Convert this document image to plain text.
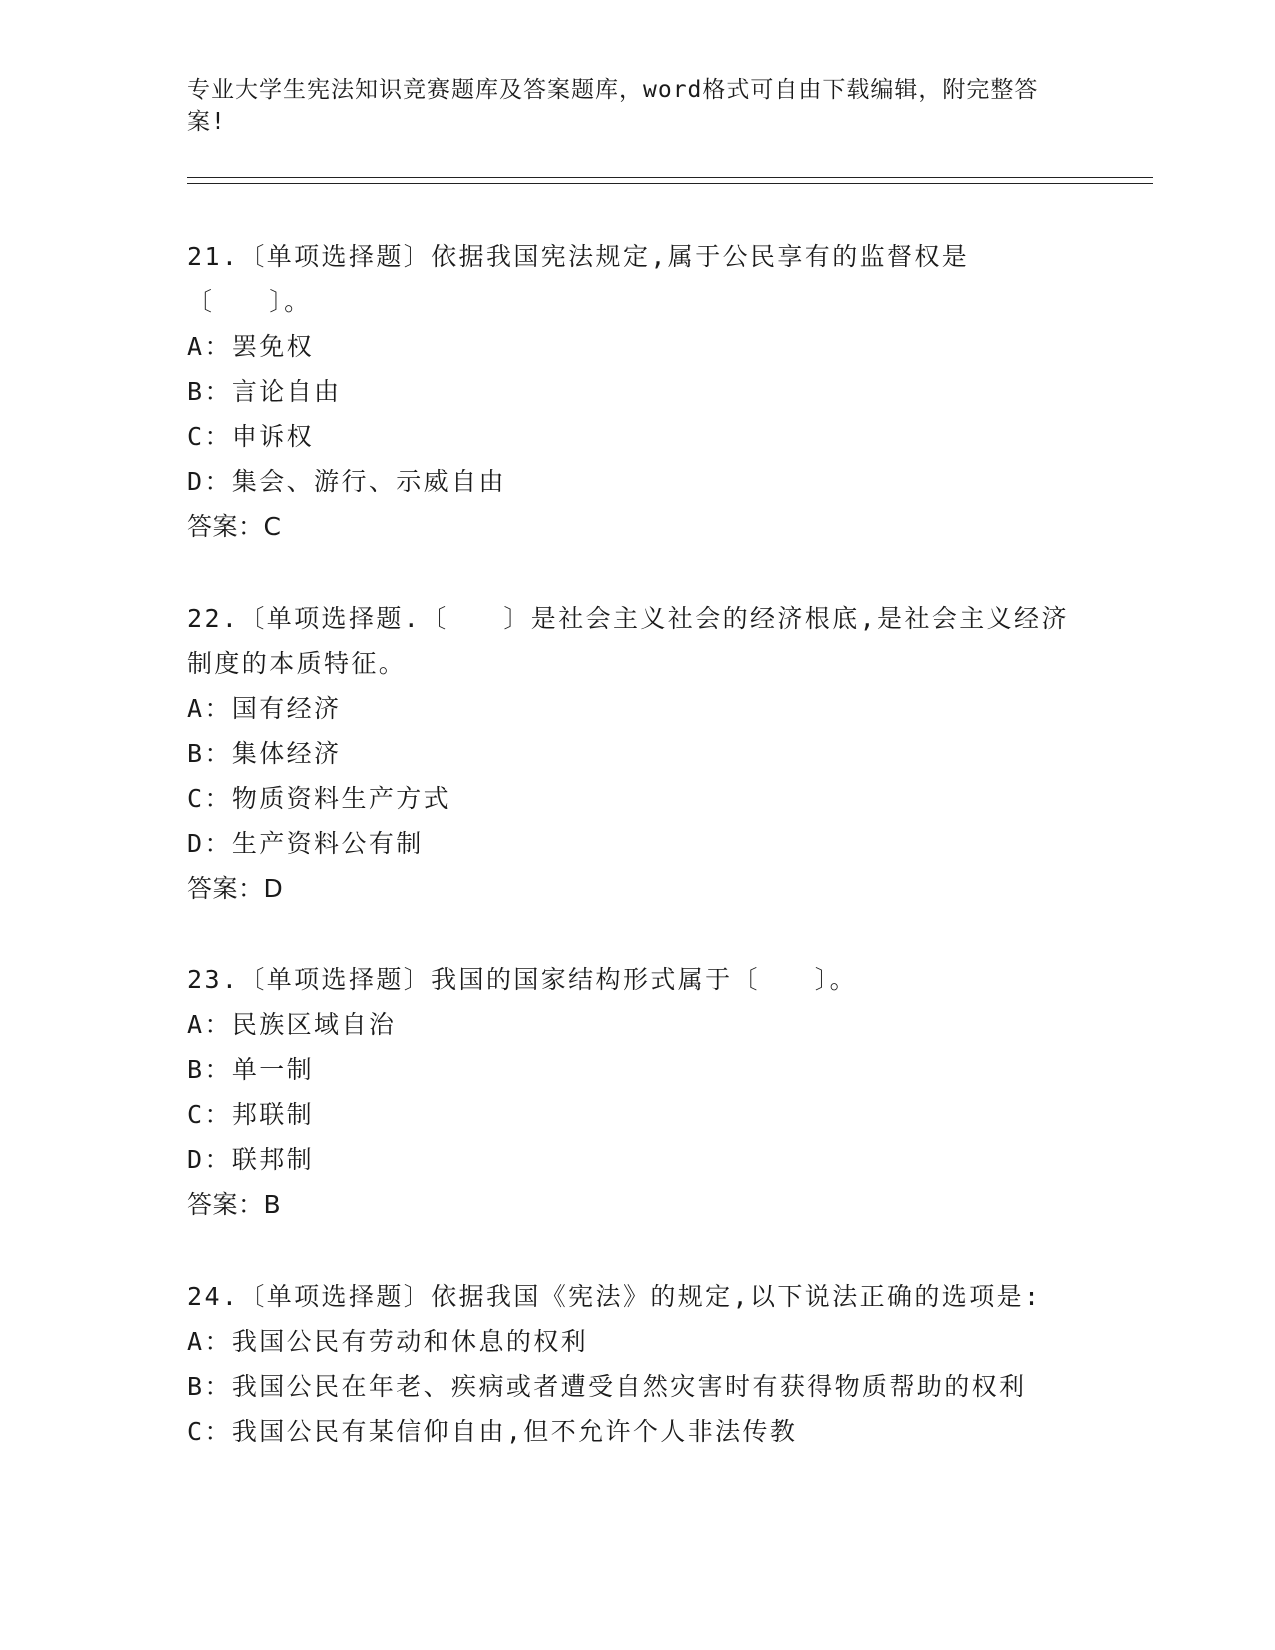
专业大学生宪法知识竞赛题库及答案题库，word格式可自由下载编辑，附完整答案!

21.〔单项选择题〕依据我国宪法规定,属于公民享有的监督权是〔　　〕。

A：罢免权

B：言论自由

C：申诉权

D：集会、游行、示威自由

答案：C

22.〔单项选择题.〔　　〕是社会主义社会的经济根底,是社会主义经济制度的本质特征。

A：国有经济

B：集体经济

C：物质资料生产方式

D：生产资料公有制

答案：D

23.〔单项选择题〕我国的国家结构形式属于〔　　〕。

A：民族区域自治

B：单一制

C：邦联制

D：联邦制

答案：B

24.〔单项选择题〕依据我国《宪法》的规定,以下说法正确的选项是:

A：我国公民有劳动和休息的权利

B：我国公民在年老、疾病或者遭受自然灾害时有获得物质帮助的权利

C：我国公民有某信仰自由,但不允许个人非法传教
